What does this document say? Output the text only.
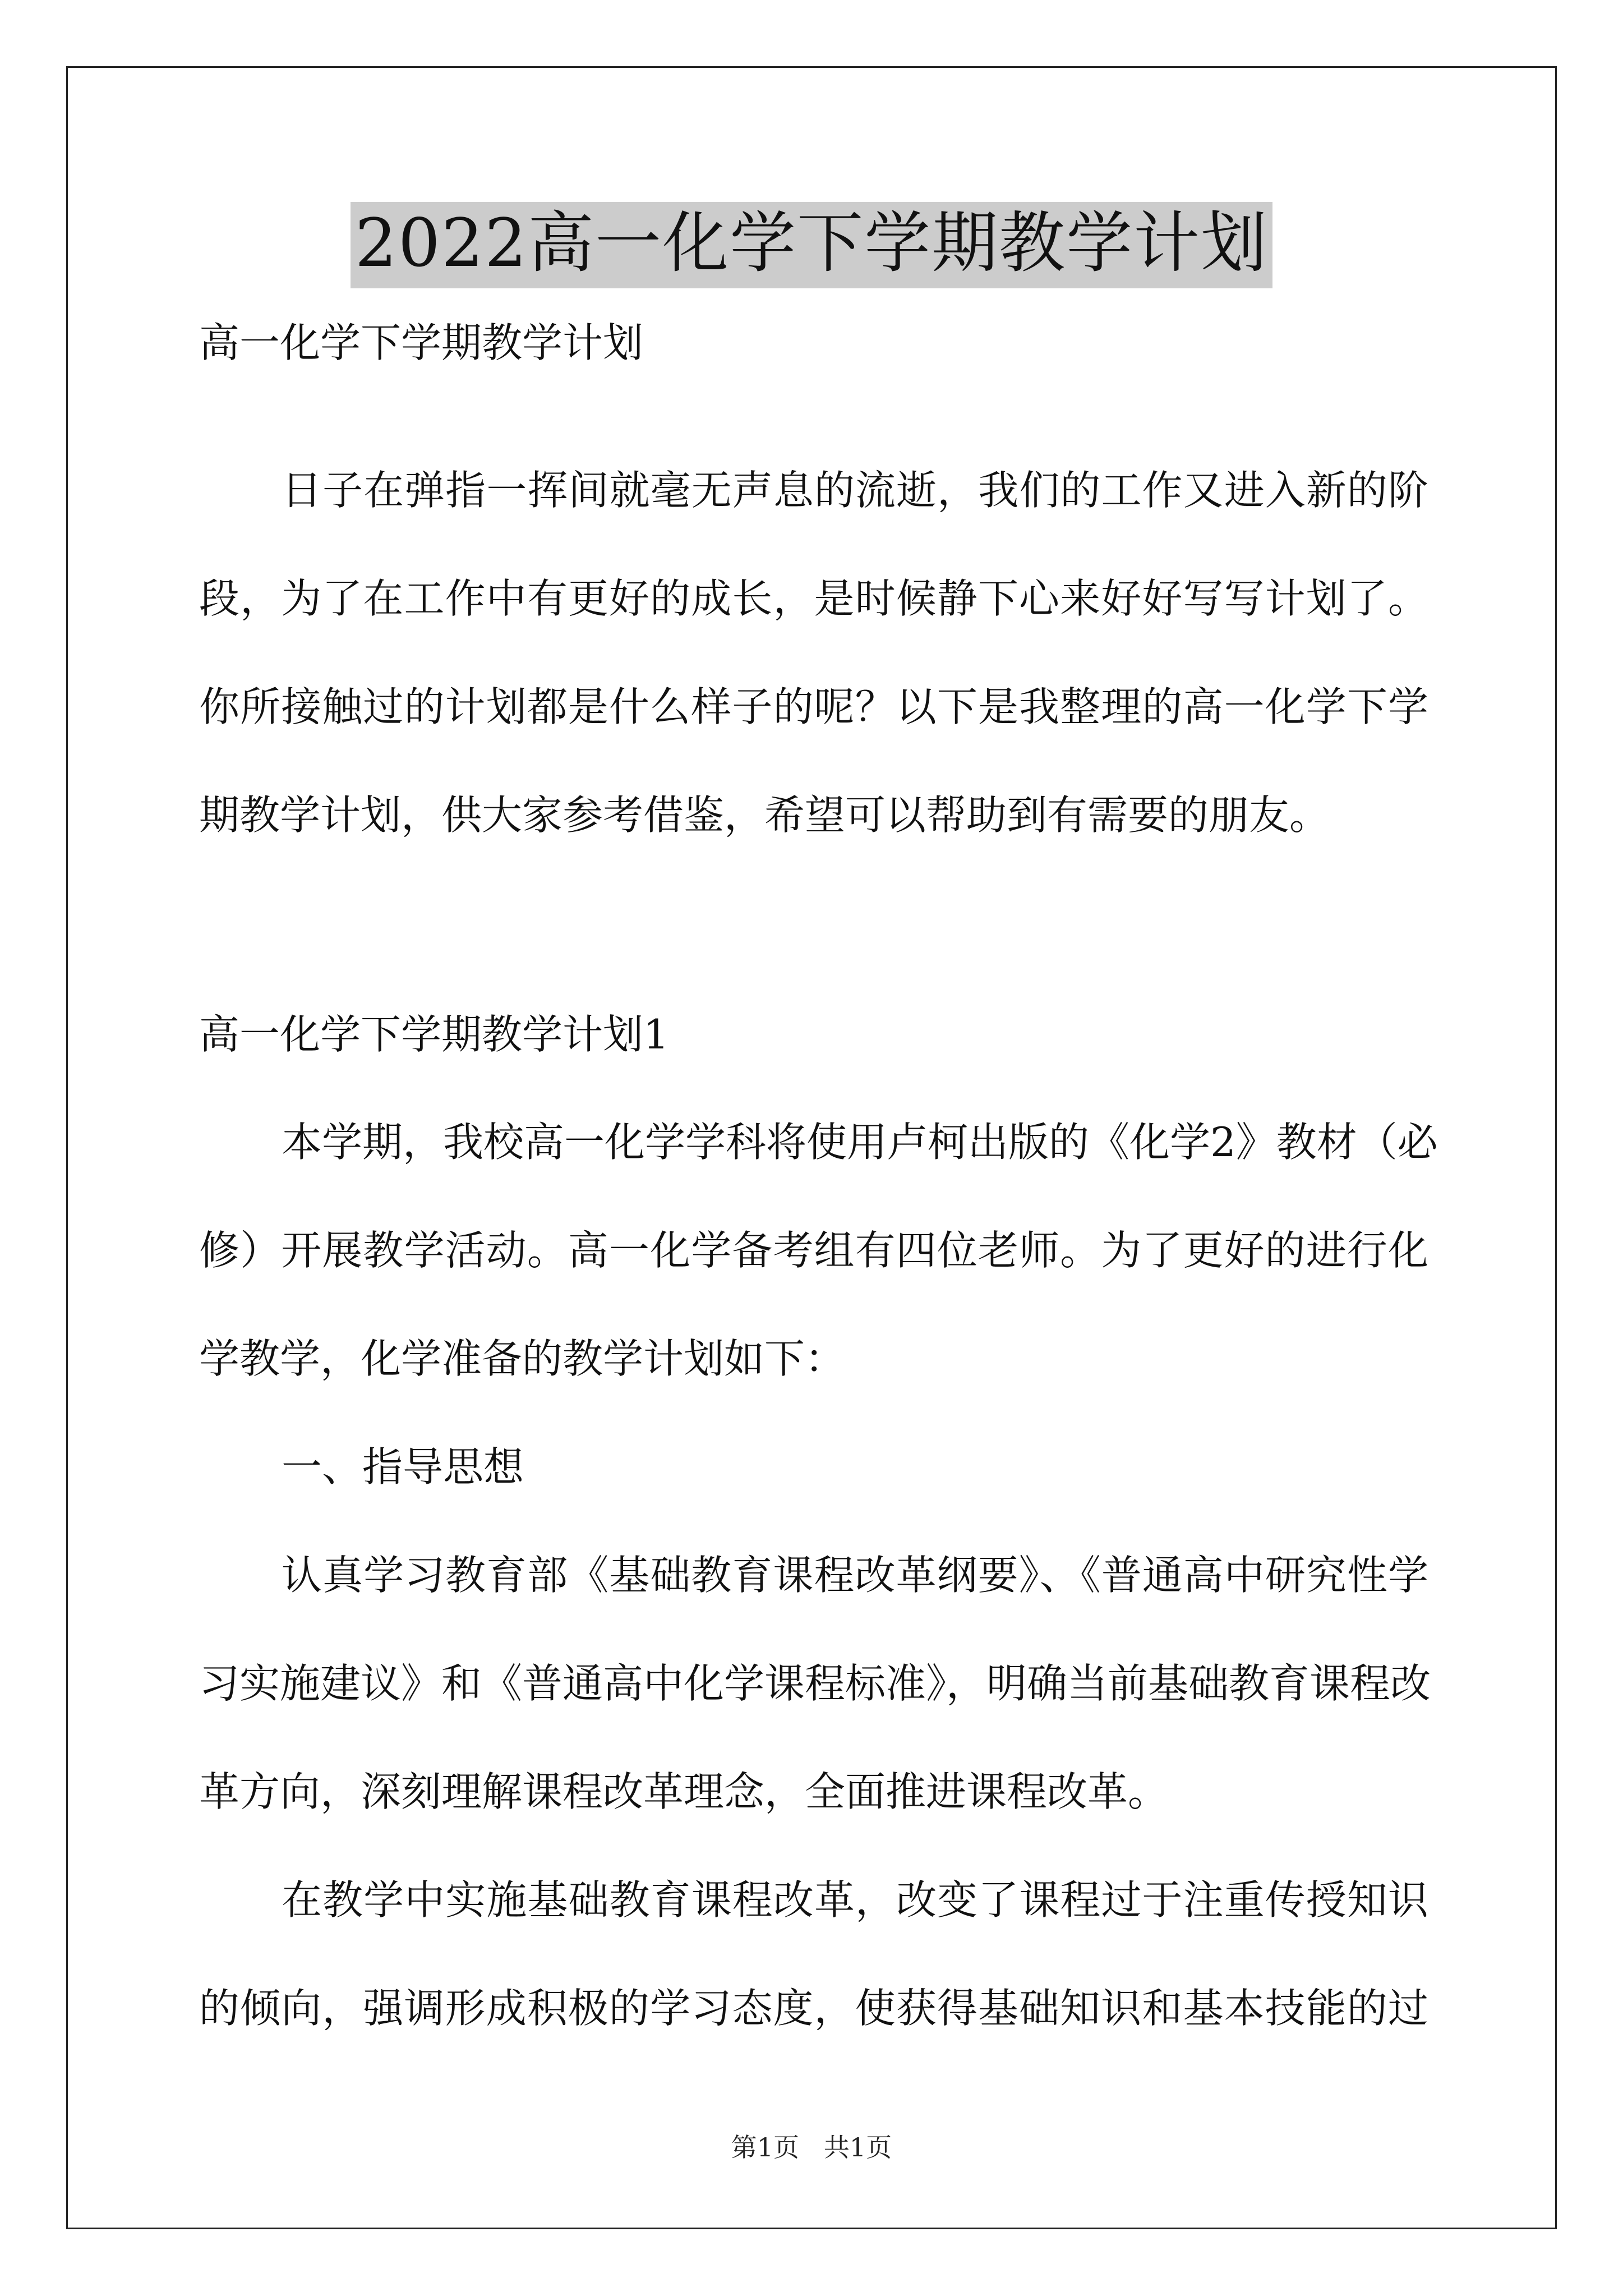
2022高一化学下学期教学计划

高一化学下学期教学计划

日子在弹指一挥间就毫无声息的流逝，我们的工作又进入新的阶

段，为了在工作中有更好的成长，是时候静下心来好好写写计划了。

你所接触过的计划都是什么样子的呢？以下是我整理的高一化学下学

期教学计划，供大家参考借鉴，希望可以帮助到有需要的朋友。

高一化学下学期教学计划1

本学期，我校高一化学学科将使用卢柯出版的《化学2》教材（必

修）开展教学活动。高一化学备考组有四位老师。为了更好的进行化

学教学，化学准备的教学计划如下：

一、指导思想

认真学习教育部《基础教育课程改革纲要》、《普通高中研究性学

习实施建议》和《普通高中化学课程标准》，明确当前基础教育课程改

革方向，深刻理解课程改革理念，全面推进课程改革。

在教学中实施基础教育课程改革，改变了课程过于注重传授知识

的倾向，强调形成积极的学习态度，使获得基础知识和基本技能的过

第1页   共1页
